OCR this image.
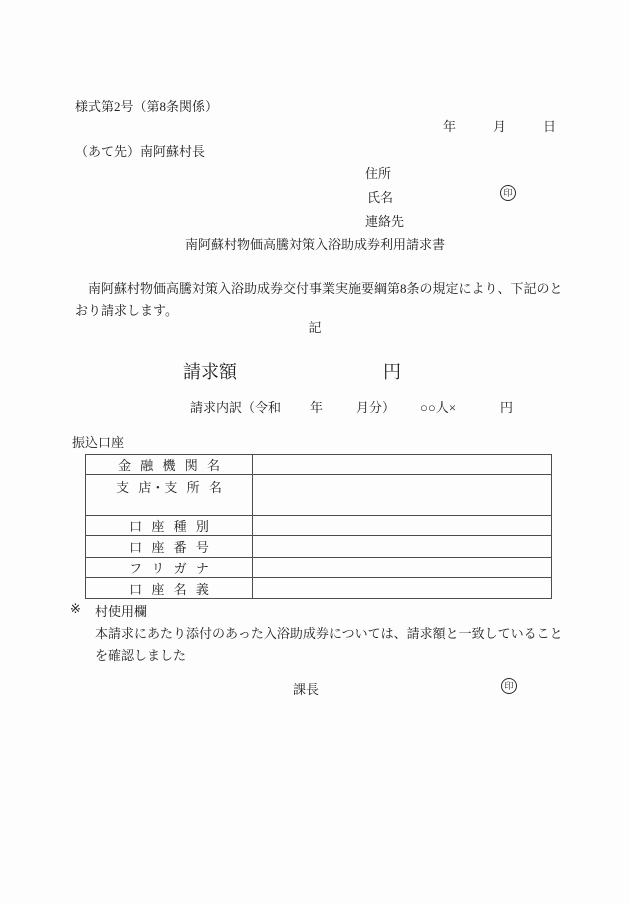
様式第2号（第8条関係）
年	月	日
（あて先）南阿蘇村長
住所
氏名	印
連絡先
南阿蘇村物価高騰対策入浴助成券利用請求書
南阿蘇村物価高騰対策入浴助成券交付事業実施要綱第8条の規定により、下記のとおり請求します。
記
請求額	円
請求内訳（令和 年	月分） ○○人×	円
振込口座
金 融 機 関 名	
支 店・支 所 名	
口 座 種 別	
口 座 番 号	
フ リ ガ ナ	
口 座 名 義	
※ 村使用欄
本請求にあたり添付のあった入浴助成券については、請求額と一致していることを確認しました
課長	印
